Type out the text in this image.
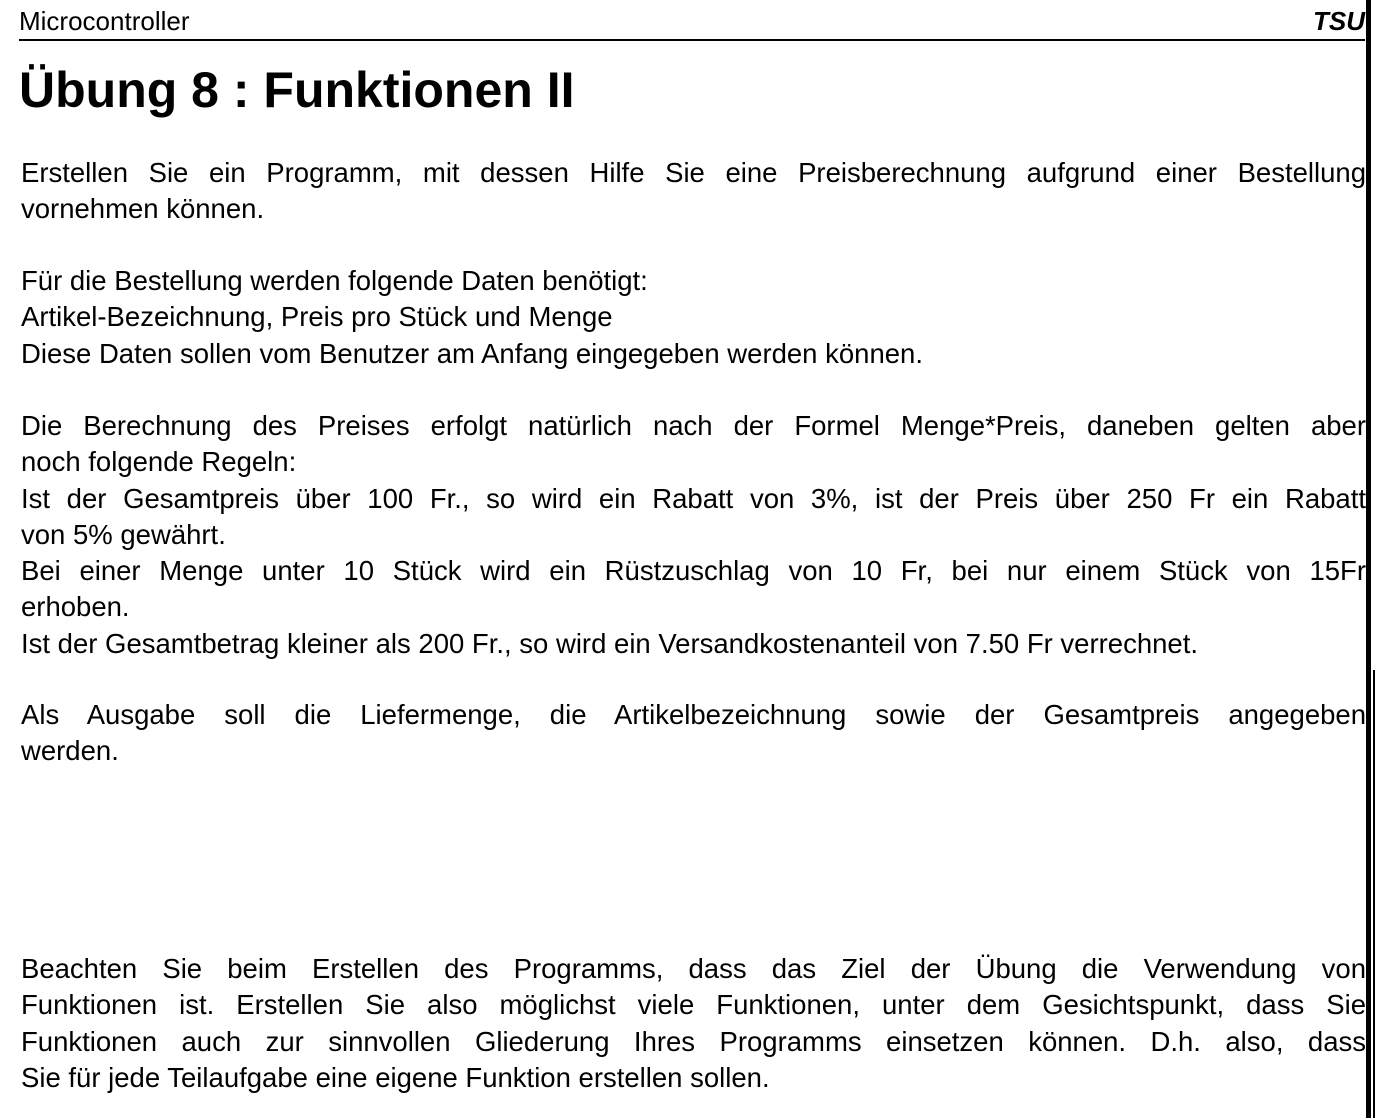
Microcontroller	TSU
Übung 8 : Funktionen II

Erstellen Sie ein Programm, mit dessen Hilfe Sie eine Preisberechnung aufgrund einer Bestellung
vornehmen können.

Für die Bestellung werden folgende Daten benötigt:
Artikel-Bezeichnung, Preis pro Stück und Menge
Diese Daten sollen vom Benutzer am Anfang eingegeben werden können.

Die Berechnung des Preises erfolgt natürlich nach der Formel Menge*Preis, daneben gelten aber
noch folgende Regeln:
Ist der Gesamtpreis über 100 Fr., so wird ein Rabatt von 3%, ist der Preis über 250 Fr ein Rabatt
von 5% gewährt.
Bei einer Menge unter 10 Stück wird ein Rüstzuschlag von 10 Fr, bei nur einem Stück von 15Fr
erhoben.
Ist der Gesamtbetrag kleiner als 200 Fr., so wird ein Versandkostenanteil von 7.50 Fr verrechnet.

Als Ausgabe soll die Liefermenge, die Artikelbezeichnung sowie der Gesamtpreis angegeben
werden.

Beachten Sie beim Erstellen des Programms, dass das Ziel der Übung die Verwendung von
Funktionen ist. Erstellen Sie also möglichst viele Funktionen, unter dem Gesichtspunkt, dass Sie
Funktionen auch zur sinnvollen Gliederung Ihres Programms einsetzen können. D.h. also, dass
Sie für jede Teilaufgabe eine eigene Funktion erstellen sollen.
